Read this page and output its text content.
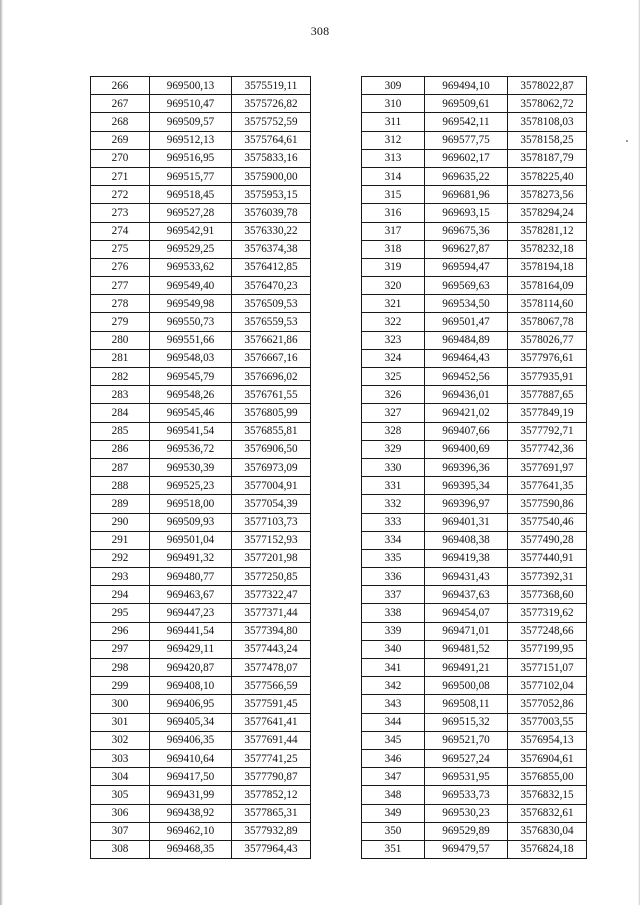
308
266	969500,13	3575519,11
267	969510,47	3575726,82
268	969509,57	3575752,59
269	969512,13	3575764,61
270	969516,95	3575833,16
271	969515,77	3575900,00
272	969518,45	3575953,15
273	969527,28	3576039,78
274	969542,91	3576330,22
275	969529,25	3576374,38
276	969533,62	3576412,85
277	969549,40	3576470,23
278	969549,98	3576509,53
279	969550,73	3576559,53
280	969551,66	3576621,86
281	969548,03	3576667,16
282	969545,79	3576696,02
283	969548,26	3576761,55
284	969545,46	3576805,99
285	969541,54	3576855,81
286	969536,72	3576906,50
287	969530,39	3576973,09
288	969525,23	3577004,91
289	969518,00	3577054,39
290	969509,93	3577103,73
291	969501,04	3577152,93
292	969491,32	3577201,98
293	969480,77	3577250,85
294	969463,67	3577322,47
295	969447,23	3577371,44
296	969441,54	3577394,80
297	969429,11	3577443,24
298	969420,87	3577478,07
299	969408,10	3577566,59
300	969406,95	3577591,45
301	969405,34	3577641,41
302	969406,35	3577691,44
303	969410,64	3577741,25
304	969417,50	3577790,87
305	969431,99	3577852,12
306	969438,92	3577865,31
307	969462,10	3577932,89
308	969468,35	3577964,43
309	969494,10	3578022,87
310	969509,61	3578062,72
311	969542,11	3578108,03
312	969577,75	3578158,25
313	969602,17	3578187,79
314	969635,22	3578225,40
315	969681,96	3578273,56
316	969693,15	3578294,24
317	969675,36	3578281,12
318	969627,87	3578232,18
319	969594,47	3578194,18
320	969569,63	3578164,09
321	969534,50	3578114,60
322	969501,47	3578067,78
323	969484,89	3578026,77
324	969464,43	3577976,61
325	969452,56	3577935,91
326	969436,01	3577887,65
327	969421,02	3577849,19
328	969407,66	3577792,71
329	969400,69	3577742,36
330	969396,36	3577691,97
331	969395,34	3577641,35
332	969396,97	3577590,86
333	969401,31	3577540,46
334	969408,38	3577490,28
335	969419,38	3577440,91
336	969431,43	3577392,31
337	969437,63	3577368,60
338	969454,07	3577319,62
339	969471,01	3577248,66
340	969481,52	3577199,95
341	969491,21	3577151,07
342	969500,08	3577102,04
343	969508,11	3577052,86
344	969515,32	3577003,55
345	969521,70	3576954,13
346	969527,24	3576904,61
347	969531,95	3576855,00
348	969533,73	3576832,15
349	969530,23	3576832,61
350	969529,89	3576830,04
351	969479,57	3576824,18
